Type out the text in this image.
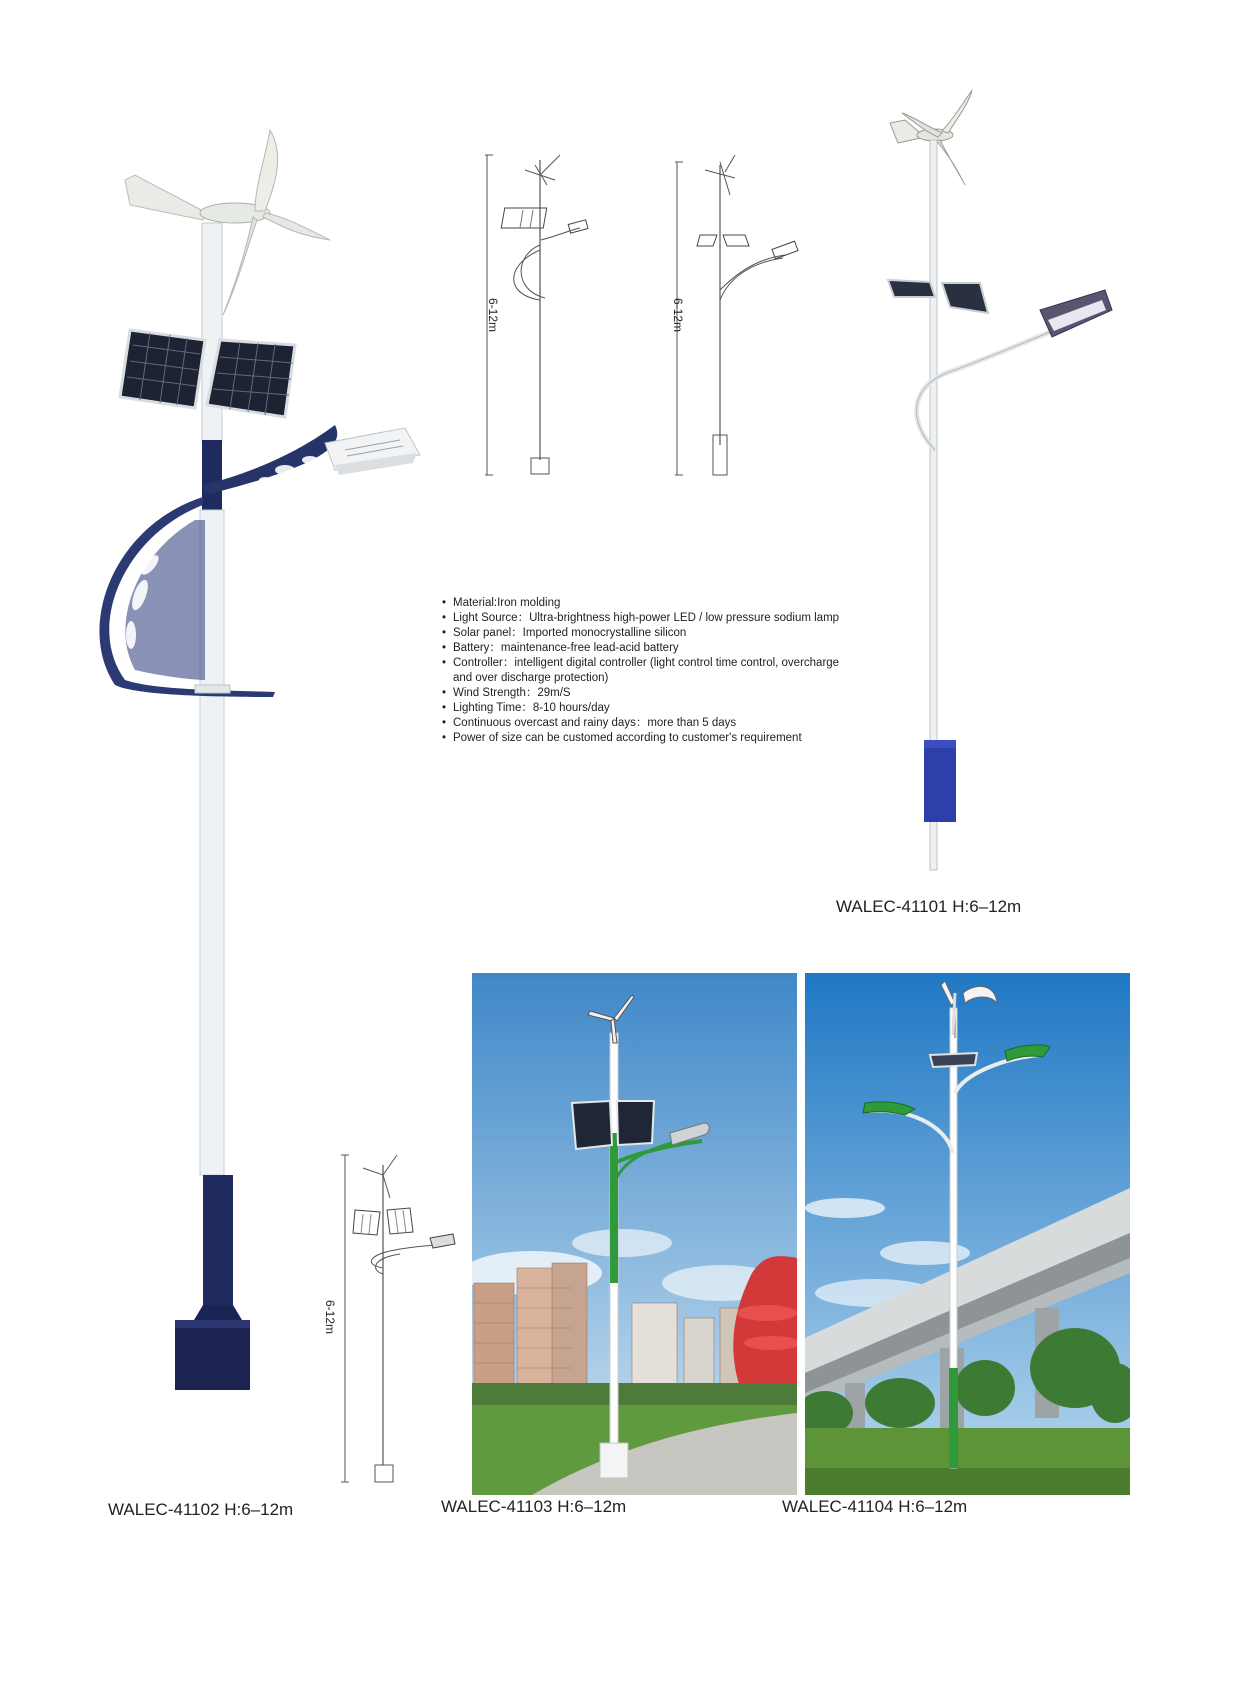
6-12m	6-12m
WALEC-41101 H:6–12m
• Material:Iron molding
• Light Source：Ultra-brightness high-power LED / low pressure sodium lamp
• Solar panel：Imported monocrystalline silicon
• Battery：maintenance-free lead-acid battery
• Controller：intelligent digital controller (light control time control, overcharge and over discharge protection)
• Wind Strength：29m/S
• Lighting Time：8-10 hours/day
• Continuous overcast and rainy days：more than 5 days
• Power of size can be customed according to customer's requirement
6-12m
WALEC-41103 H:6–12m	WALEC-41104 H:6–12m
WALEC-41102 H:6–12m
